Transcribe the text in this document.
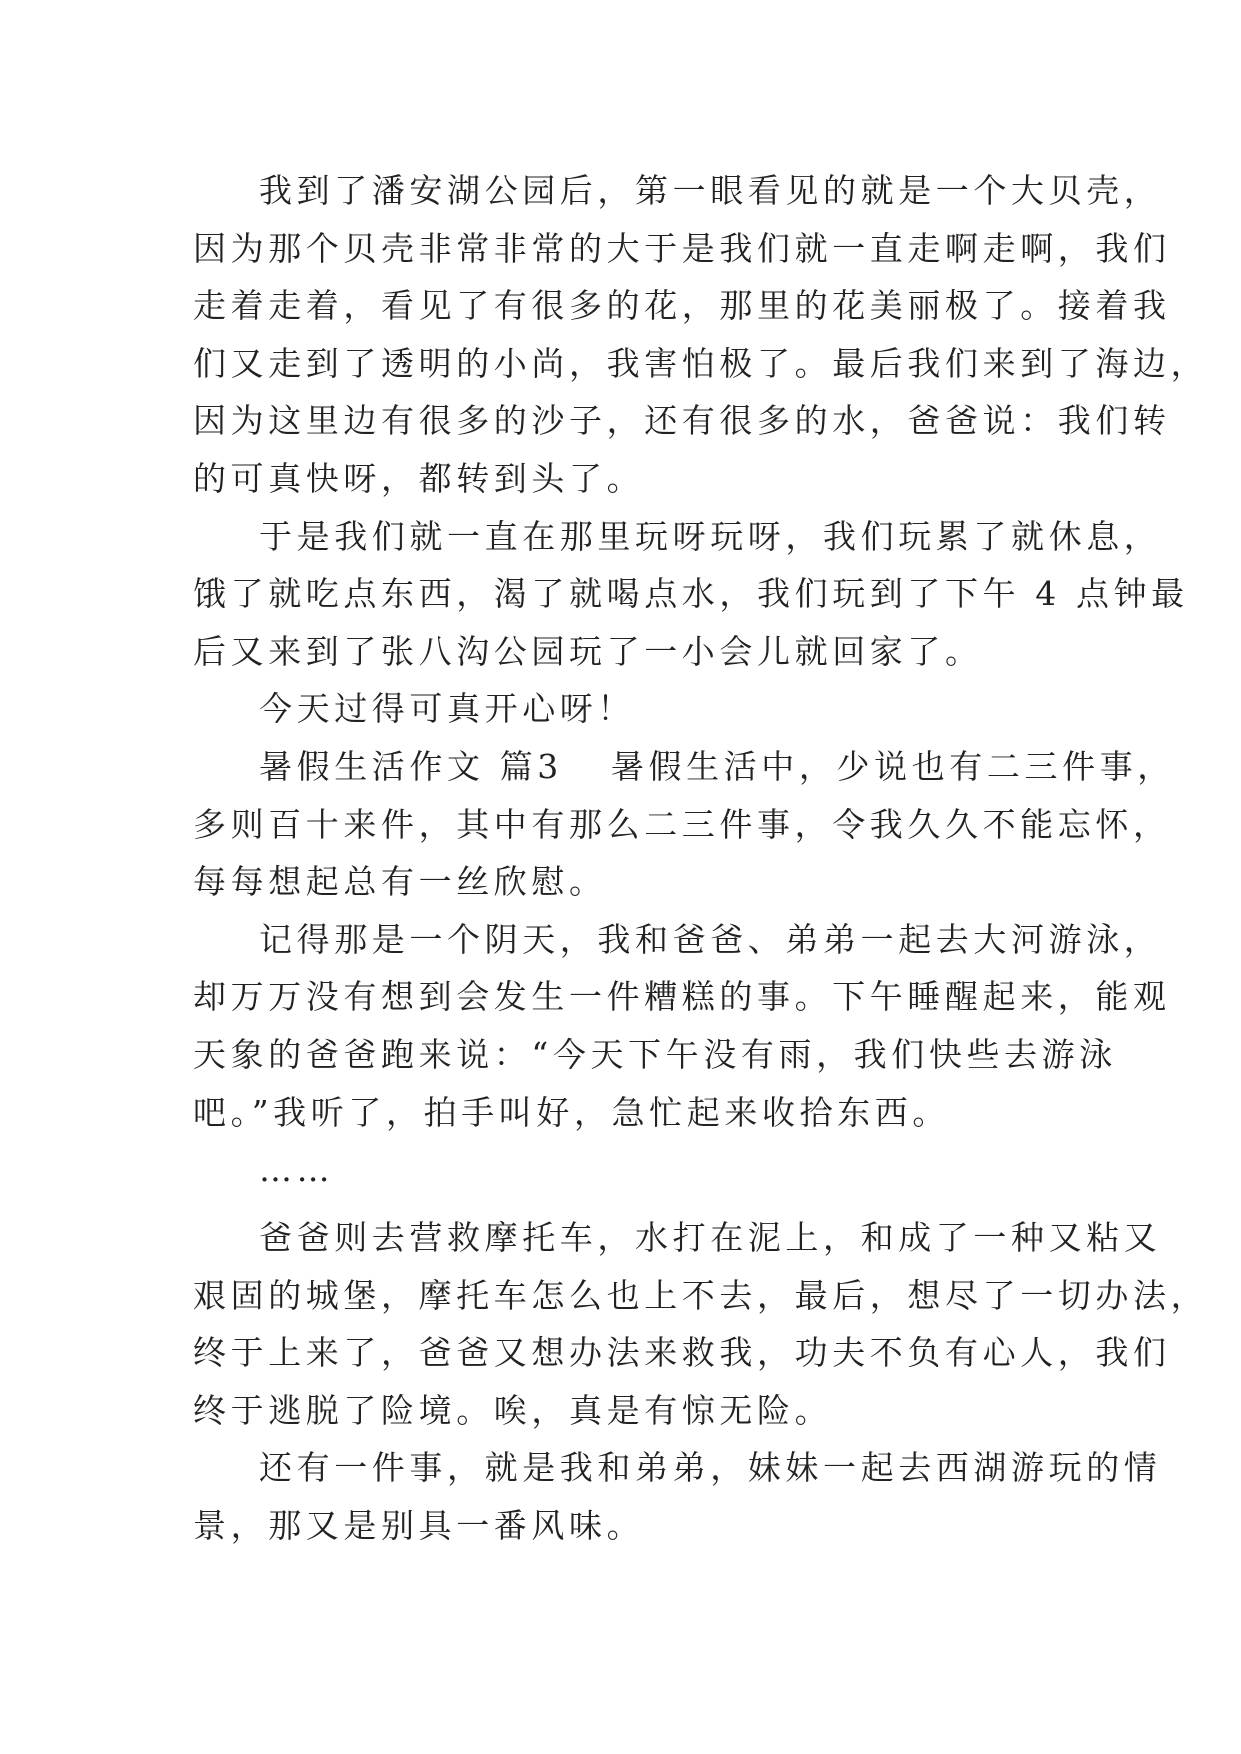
我到了潘安湖公园后，第一眼看见的就是一个大贝壳，
因为那个贝壳非常非常的大于是我们就一直走啊走啊，我们
走着走着，看见了有很多的花，那里的花美丽极了。接着我
们又走到了透明的小尚，我害怕极了。最后我们来到了海边，
因为这里边有很多的沙子，还有很多的水，爸爸说：我们转
的可真快呀，都转到头了。
于是我们就一直在那里玩呀玩呀，我们玩累了就休息，
饿了就吃点东西，渴了就喝点水，我们玩到了下午 4 点钟最
后又来到了张八沟公园玩了一小会儿就回家了。
今天过得可真开心呀！
暑假生活作文 篇3 暑假生活中，少说也有二三件事，
多则百十来件，其中有那么二三件事，令我久久不能忘怀，
每每想起总有一丝欣慰。
记得那是一个阴天，我和爸爸、弟弟一起去大河游泳，
却万万没有想到会发生一件糟糕的事。下午睡醒起来，能观
天象的爸爸跑来说：“今天下午没有雨，我们快些去游泳
吧。”我听了，拍手叫好，急忙起来收拾东西。
……
爸爸则去营救摩托车，水打在泥上，和成了一种又粘又
艰固的城堡，摩托车怎么也上不去，最后，想尽了一切办法，
终于上来了，爸爸又想办法来救我，功夫不负有心人，我们
终于逃脱了险境。唉，真是有惊无险。
还有一件事，就是我和弟弟，妹妹一起去西湖游玩的情
景，那又是别具一番风味。
